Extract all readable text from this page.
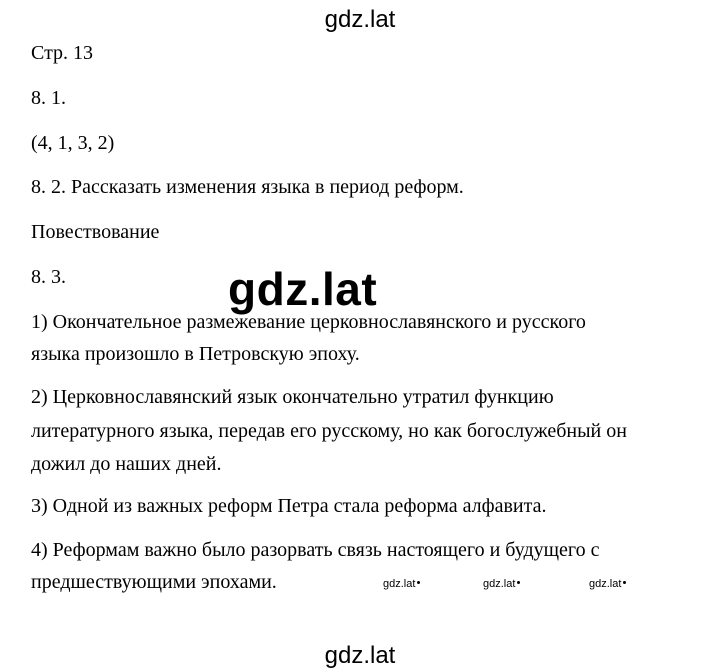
gdz.lat
Стр. 13
8. 1.
(4, 1, 3, 2)
8. 2. Рассказать изменения языка в период реформ.
Повествование
8. 3.	gdz.lat
1) Окончательное размежевание церковнославянского и русского
языка произошло в Петровскую эпоху.
2) Церковнославянский язык окончательно утратил функцию
литературного языка, передав его русскому, но как богослужебный он
дожил до наших дней.
3) Одной из важных реформ Петра стала реформа алфавита.
4) Реформам важно было разорвать связь настоящего и будущего с
предшествующими эпохами.	gdz.lat	gdz.lat	gdz.lat
gdz.lat
